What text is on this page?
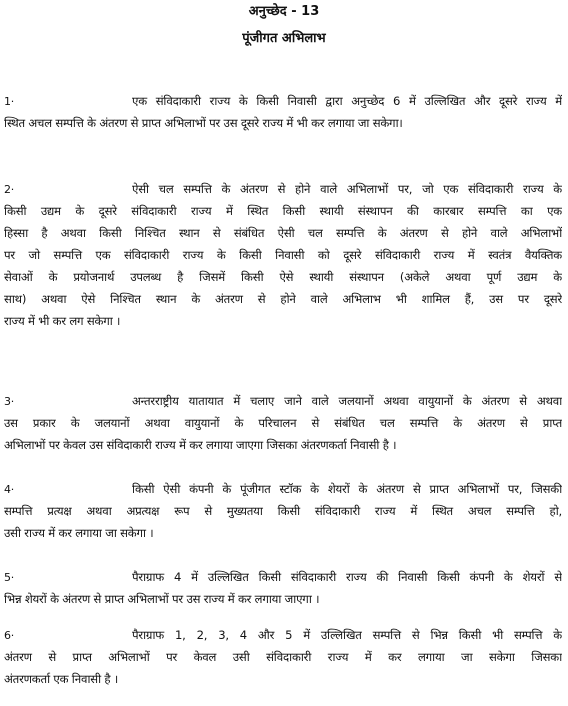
अनुच्छेद - 13
पूंजीगत अभिलाभ
1·	एक संविदाकारी राज्य के किसी निवासी द्वारा अनुच्छेद 6 में उल्लिखित और दूसरे राज्य में
स्थित अचल सम्पत्ति के अंतरण से प्राप्त अभिलाभों पर उस दूसरे राज्य में भी कर लगाया जा सकेगा।
2·	ऐसी चल सम्पत्ति के अंतरण से होने वाले अभिलाभों पर, जो एक संविदाकारी राज्य के
किसी उद्यम के दूसरे संविदाकारी राज्य में स्थित किसी स्थायी संस्थापन की कारबार सम्पत्ति का एक
हिस्सा है अथवा किसी निश्चित स्थान से संबंधित ऐसी चल सम्पत्ति के अंतरण से होने वाले अभिलाभों
पर जो सम्पत्ति एक संविदाकारी राज्य के किसी निवासी को दूसरे संविदाकारी राज्य में स्वतंत्र वैयक्तिक
सेवाओं के प्रयोजनार्थ उपलब्ध है जिसमें किसी ऐसे स्थायी संस्थापन (अकेले अथवा पूर्ण उद्यम के
साथ) अथवा ऐसे निश्चित स्थान के अंतरण से होने वाले अभिलाभ भी शामिल हैं, उस पर दूसरे
राज्य में भी कर लग सकेगा ।
3·	अन्तरराष्ट्रीय यातायात में चलाए जाने वाले जलयानों अथवा वायुयानों के अंतरण से अथवा
उस प्रकार के जलयानों अथवा वायुयानों के परिचालन से संबंधित चल सम्पत्ति के अंतरण से प्राप्त
अभिलाभों पर केवल उस संविदाकारी राज्य में कर लगाया जाएगा जिसका अंतरणकर्ता निवासी है ।
4·	किसी ऐसी कंपनी के पूंजीगत स्टॉक के शेयरों के अंतरण से प्राप्त अभिलाभों पर, जिसकी
सम्पत्ति प्रत्यक्ष अथवा अप्रत्यक्ष रूप से मुख्यतया किसी संविदाकारी राज्य में स्थित अचल सम्पत्ति हो,
उसी राज्य में कर लगाया जा सकेगा ।
5·	पैराग्राफ 4 में उल्लिखित किसी संविदाकारी राज्य की निवासी किसी कंपनी के शेयरों से
भिन्न शेयरों के अंतरण से प्राप्त अभिलाभों पर उस राज्य में कर लगाया जाएगा ।
6·	पैराग्राफ 1, 2, 3, 4 और 5 में उल्लिखित सम्पत्ति से भिन्न किसी भी सम्पत्ति के
अंतरण से प्राप्त अभिलाभों पर केवल उसी संविदाकारी राज्य में कर लगाया जा सकेगा जिसका
अंतरणकर्ता एक निवासी है ।
